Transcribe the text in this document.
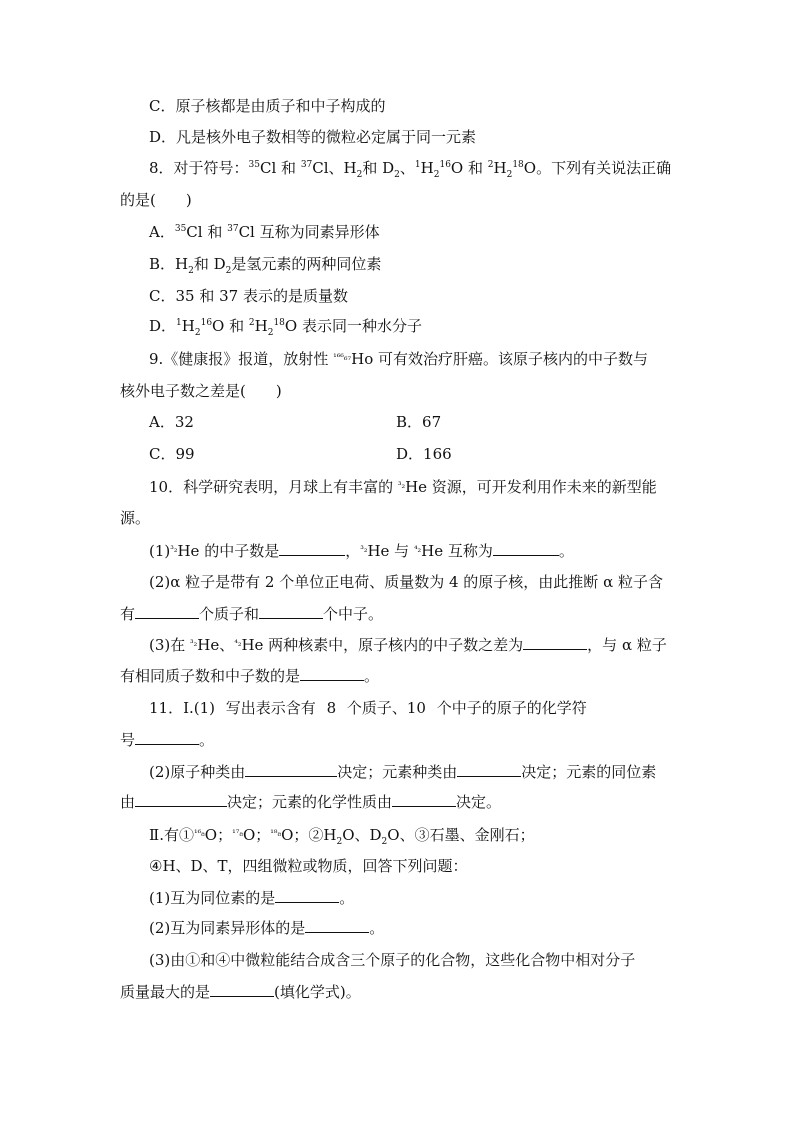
C．原子核都是由质子和中子构成的
D．凡是核外电子数相等的微粒必定属于同一元素
8．对于符号：$^{35}$Cl 和 $^{37}$Cl、$H_2$和 $D_2$、$^1H_2^{16}O$ 和 $^2H_2^{18}O$。下列有关说法正确
的是(　　)
A．$^{35}$Cl 和 $^{37}$Cl 互称为同素异形体
B．$H_2$和 $D_2$是氢元素的两种同位素
C．35 和 37 表示的是质量数
D．$^1H_2^{16}O$ 和 $^2H_2^{18}O$ 表示同一种水分子
9.《健康报》报道，放射性 $^{^{166}_{67}}$Ho 可有效治疗肝癌。该原子核内的中子数与
核外电子数之差是(　　)
A．32	B．67
C．99	D．166
10．科学研究表明，月球上有丰富的 $^{^3_2}$He 资源，可开发利用作未来的新型能
源。
$(1)^{^3_2}He$ 的中子数是	，$^{^3_2}$He 与 $^{^4_2}$He 互称为	。
(2)α 粒子是带有 2 个单位正电荷、质量数为 4 的原子核，由此推断 α 粒子含
有	个质子和	个中子。
(3)在 $^{^3_2}$He、$^{^4_2}$He 两种核素中，原子核内的中子数之差为	，与 α 粒子
有相同质子数和中子数的是	。
11．Ⅰ.(1) 写出表示含有 8 个质子、10 个中子的原子的化学符
号	。
(2)原子种类由	决定；元素种类由	决定；元素的同位素
由	决定；元素的化学性质由	决定。
Ⅱ.有①$^{^{16}_8}$O；$^{^{17}_8}$O；$^{^{18}_8}$O；$②H_2O$、$D_2O$、③石墨、金刚石；
④H、D、T，四组微粒或物质，回答下列问题：
(1)互为同位素的是	。
(2)互为同素异形体的是	。
(3)由①和④中微粒能结合成含三个原子的化合物，这些化合物中相对分子
质量最大的是	(填化学式)。
